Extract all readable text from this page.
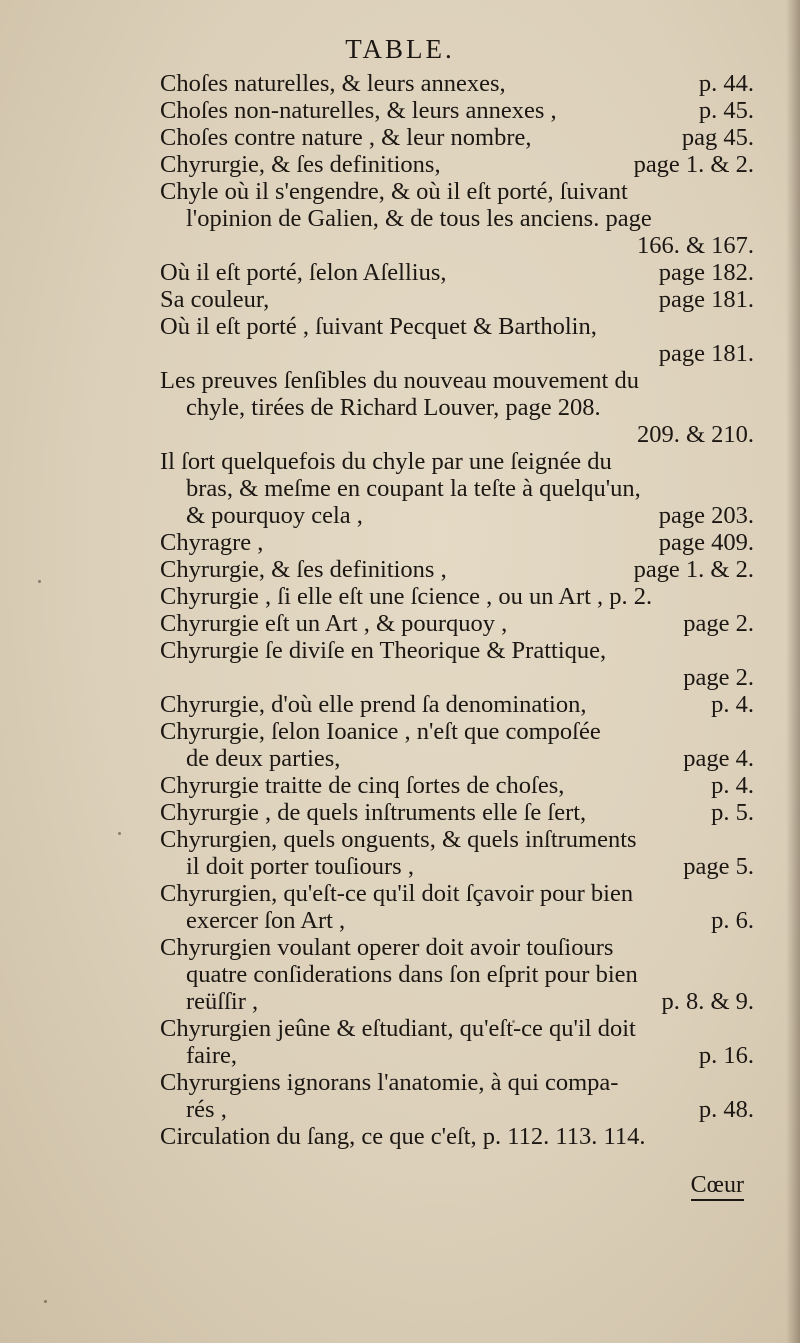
TABLE.
Choſes naturelles, & leurs annexes,	p. 44.
Choſes non-naturelles, & leurs annexes ,	p. 45.
Choſes contre nature , & leur nombre,	pag 45.
Chyrurgie, & ſes definitions,	page 1. & 2.
Chyle où il s'engendre, & où il eſt porté, ſuivant
l'opinion de Galien, & de tous les anciens. page
166. & 167.
Où il eſt porté, ſelon Aſellius,	page 182.
Sa couleur,	page 181.
Où il eſt porté , ſuivant Pecquet & Bartholin,
page 181.
Les preuves ſenſibles du nouveau mouvement du
chyle, tirées de Richard Louver, page 208.
209. & 210.
Il ſort quelquefois du chyle par une ſeignée du
bras, & meſme en coupant la teſte à quelqu'un,
& pourquoy cela ,	page 203.
Chyragre ,	page 409.
Chyrurgie, & ſes definitions ,	page 1. & 2.
Chyrurgie , ſi elle eſt une ſcience , ou un Art , p. 2.
Chyrurgie eſt un Art , & pourquoy ,	page 2.
Chyrurgie ſe diviſe en Theorique & Prattique,
page 2.
Chyrurgie, d'où elle prend ſa denomination,	p. 4.
Chyrurgie, ſelon Ioanice , n'eſt que compoſée
de deux parties,	page 4.
Chyrurgie traitte de cinq ſortes de choſes,	p. 4.
Chyrurgie , de quels inſtruments elle ſe ſert,	p. 5.
Chyrurgien, quels onguents, & quels inſtruments
il doit porter touſiours ,	page 5.
Chyrurgien, qu'eſt-ce qu'il doit ſçavoir pour bien
exercer ſon Art ,	p. 6.
Chyrurgien voulant operer doit avoir touſiours
quatre conſiderations dans ſon eſprit pour bien
reüſſir ,	p. 8. & 9.
Chyrurgien jeûne & eſtudiant, qu'eſt-ce qu'il doit
faire,	p. 16.
Chyrurgiens ignorans l'anatomie, à qui compa-
rés ,	p. 48.
Circulation du ſang, ce que c'eſt, p. 112. 113. 114.
Cœur
